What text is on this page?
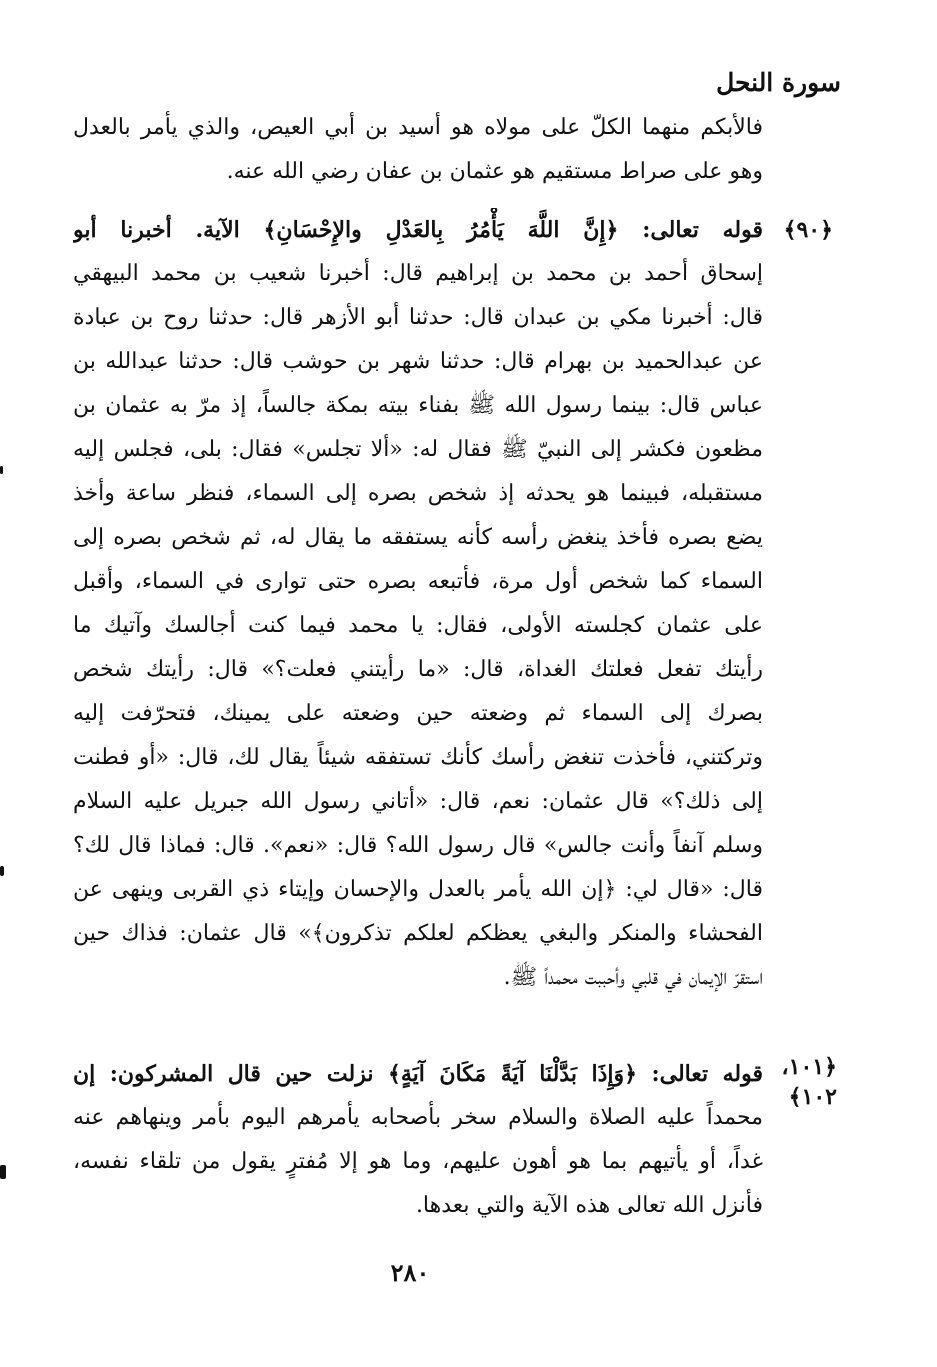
سورة النحل
فالأبكم منهما الكلّ على مولاه هو أسيد بن أبي العيص، والذي يأمر بالعدل
وهو على صراط مستقيم هو عثمان بن عفان رضي الله عنه.
﴿٩٠﴾
قوله تعالى: ﴿إِنَّ اللَّهَ يَأْمُرُ بِالعَدْلِ والإِحْسَانِ﴾ الآية. أخبرنا أبو
إسحاق أحمد بن محمد بن إبراهيم قال: أخبرنا شعيب بن محمد البيهقي
قال: أخبرنا مكي بن عبدان قال: حدثنا أبو الأزهر قال: حدثنا روح بن عبادة
عن عبدالحميد بن بهرام قال: حدثنا شهر بن حوشب قال: حدثنا عبدالله بن
عباس قال: بينما رسول الله ﷺ بفناء بيته بمكة جالساً، إذ مرّ به عثمان بن
مظعون فكشر إلى النبيّ ﷺ فقال له: «ألا تجلس» فقال: بلى، فجلس إليه
مستقبله، فبينما هو يحدثه إذ شخص بصره إلى السماء، فنظر ساعة وأخذ
يضع بصره فأخذ ينغض رأسه كأنه يستفقه ما يقال له، ثم شخص بصره إلى
السماء كما شخص أول مرة، فأتبعه بصره حتى توارى في السماء، وأقبل
على عثمان كجلسته الأولى، فقال: يا محمد فيما كنت أجالسك وآتيك ما
رأيتك تفعل فعلتك الغداة، قال: «ما رأيتني فعلت؟» قال: رأيتك شخص
بصرك إلى السماء ثم وضعته حين وضعته على يمينك، فتحرّفت إليه
وتركتني، فأخذت تنغض رأسك كأنك تستفقه شيئاً يقال لك، قال: «أو فطنت
إلى ذلك؟» قال عثمان: نعم، قال: «أتاني رسول الله جبريل عليه السلام
وسلم آنفاً وأنت جالس» قال رسول الله؟ قال: «نعم». قال: فماذا قال لك؟
قال: «قال لي: ﴿إن الله يأمر بالعدل والإحسان وإيتاء ذي القربى وينهى عن
الفحشاء والمنكر والبغي يعظكم لعلكم تذكرون﴾» قال عثمان: فذاك حين
استقرّ الإيمان في قلبي وأحببت محمداً ﷺ.
﴿١٠١،
١٠٢﴾
قوله تعالى: ﴿وَإِذَا بَدَّلْنَا آيَةً مَكَانَ آيَةٍ﴾ نزلت حين قال المشركون: إن
محمداً عليه الصلاة والسلام سخر بأصحابه يأمرهم اليوم بأمر وينهاهم عنه
غداً، أو يأتيهم بما هو أهون عليهم، وما هو إلا مُفترٍ يقول من تلقاء نفسه،
فأنزل الله تعالى هذه الآية والتي بعدها.
٢٨٠
